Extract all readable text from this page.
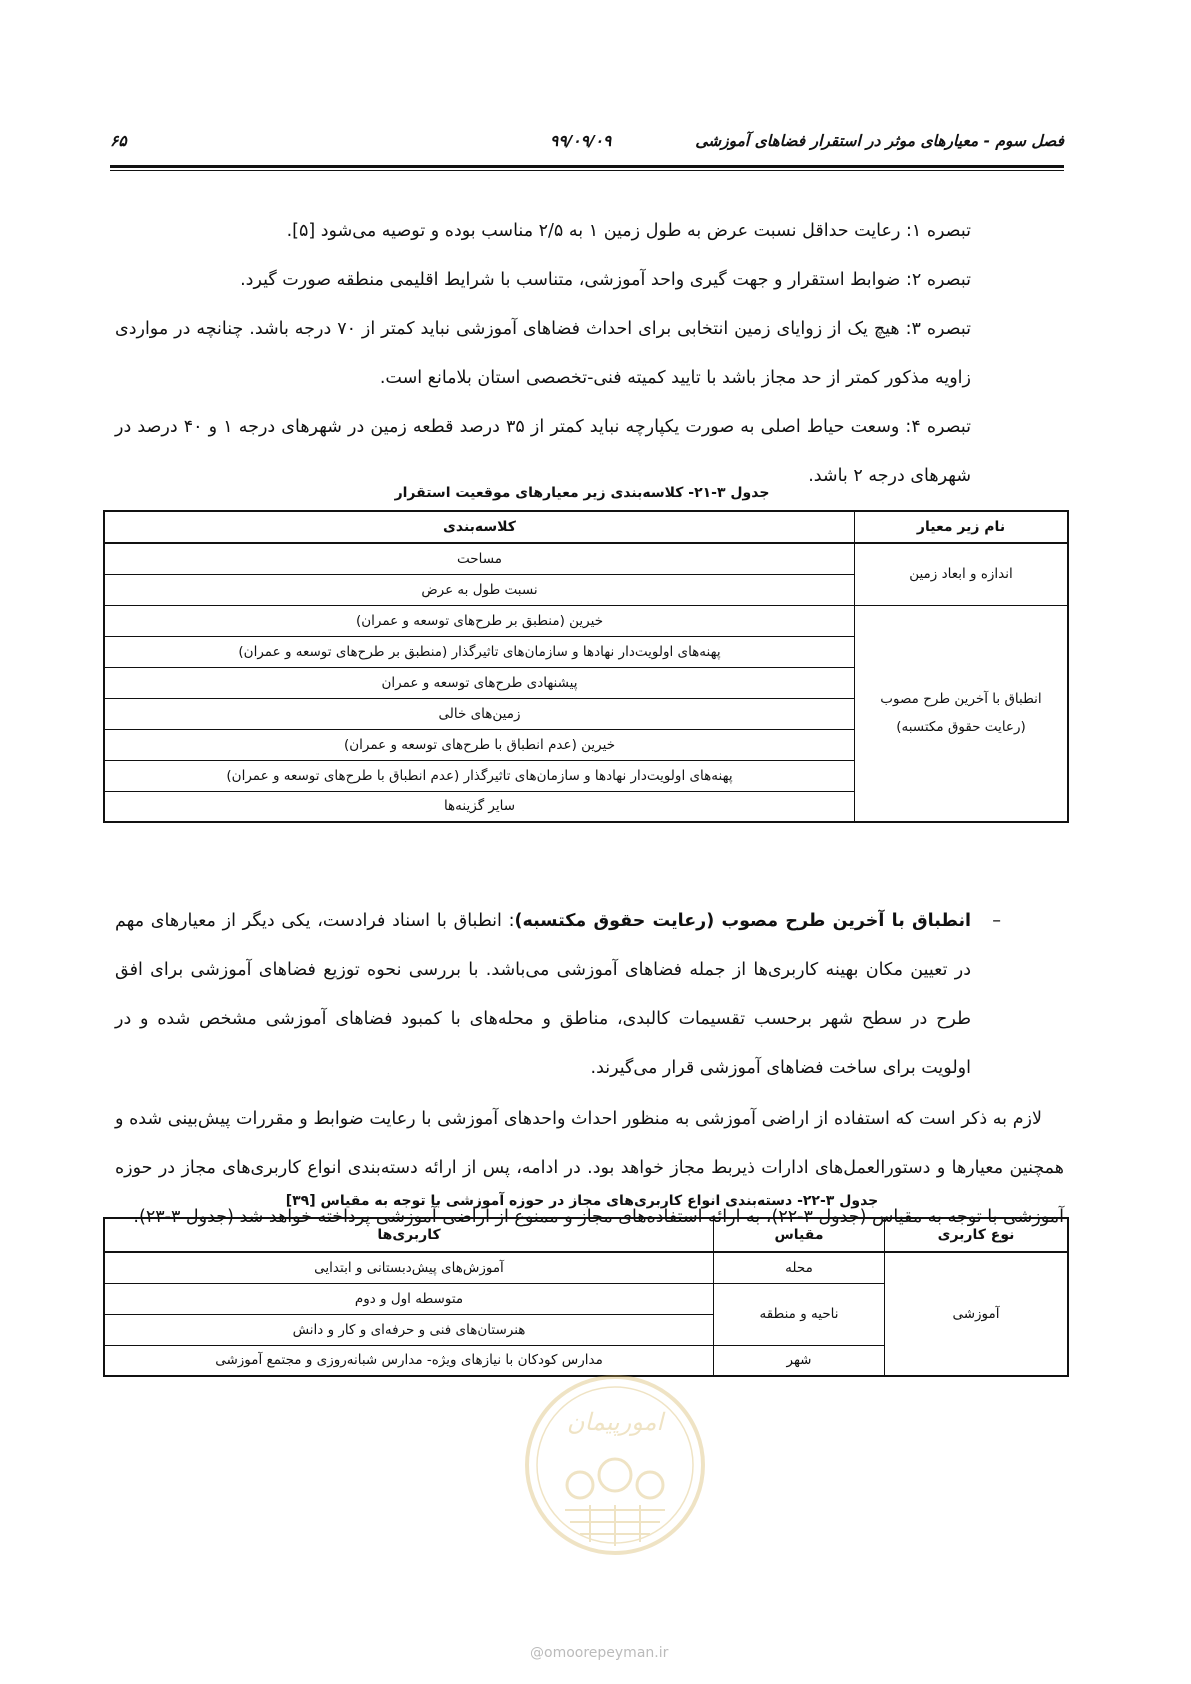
فصل سوم - معیارهای موثر در استقرار فضاهای آموزشی
۹۹/۰۹/۰۹
۶۵

تبصره ۱: رعایت حداقل نسبت عرض به طول زمین ۱ به ۲/۵ مناسب بوده و توصیه می‌شود [۵].

تبصره ۲: ضوابط استقرار و جهت گیری واحد آموزشی، متناسب با شرایط اقلیمی منطقه صورت گیرد.

تبصره ۳: هیچ یک از زوایای زمین انتخابی برای احداث فضاهای آموزشی نباید کمتر از ۷۰ درجه باشد. چنانچه در مواردی زاویه مذکور کمتر از حد مجاز باشد با تایید کمیته فنی-تخصصی استان بلامانع است.

تبصره ۴: وسعت حیاط اصلی به صورت یکپارچه نباید کمتر از ۳۵ درصد قطعه زمین در شهرهای درجه ۱ و ۴۰ درصد در شهرهای درجه ۲ باشد.

جدول ۳-۲۱- کلاسه‌بندی زیر معیارهای موقعیت استقرار
نام زیر معیار	کلاسه‌بندی
اندازه و ابعاد زمین	مساحت
	نسبت طول به عرض

انطباق با آخرین طرح مصوب
(رعایت حقوق مکتسبه)	خیرین (منطبق بر طرح‌های توسعه و عمران)
	پهنه‌های اولویت‌دار نهادها و سازمان‌های تاثیرگذار (منطبق بر طرح‌های توسعه و عمران)
	پیشنهادی طرح‌های توسعه و عمران
	زمین‌های خالی
	خیرین (عدم انطباق با طرح‌های توسعه و عمران)
	پهنه‌های اولویت‌دار نهادها و سازمان‌های تاثیرگذار (عدم انطباق با طرح‌های توسعه و عمران)
	سایر گزینه‌ها
–

انطباق با آخرین طرح مصوب (رعایت حقوق مکتسبه): انطباق با اسناد فرادست، یکی دیگر از معیارهای مهم در تعیین مکان بهینه کاربری‌ها از جمله فضاهای آموزشی می‌باشد. با بررسی نحوه توزیع فضاهای آموزشی برای افق طرح در سطح شهر برحسب تقسیمات کالبدی، مناطق و محله‌های با کمبود فضاهای آموزشی مشخص شده و در اولویت برای ساخت فضاهای آموزشی قرار می‌گیرند.

لازم به ذکر است که استفاده از اراضی آموزشی به منظور احداث واحدهای آموزشی با رعایت ضوابط و مقررات پیش‌بینی شده و همچنین معیارها و دستورالعمل‌های ادارات ذیربط مجاز خواهد بود. در ادامه، پس از ارائه دسته‌بندی انواع کاربری‌های مجاز در حوزه آموزشی با توجه به مقیاس (جدول ۳-۲۲)، به ارائه استفاده‌های مجاز و ممنوع از اراضی آموزشی پرداخته خواهد شد (جدول ۳-۲۳).

جدول ۳-۲۲- دسته‌بندی انواع کاربری‌های مجاز در حوزه آموزشی با توجه به مقیاس [۳۹]
نوع کاربری	مقیاس	کاربری‌ها
آموزشی	محله	آموزش‌های پیش‌دبستانی و ابتدایی
	ناحیه و منطقه	متوسطه اول و دوم
		هنرستان‌های فنی و حرفه‌ای و کار و دانش
	شهر	مدارس کودکان با نیازهای ویژه- مدارس شبانه‌روزی و مجتمع آموزشی
امورپیمان
@omoorepeyman.ir
